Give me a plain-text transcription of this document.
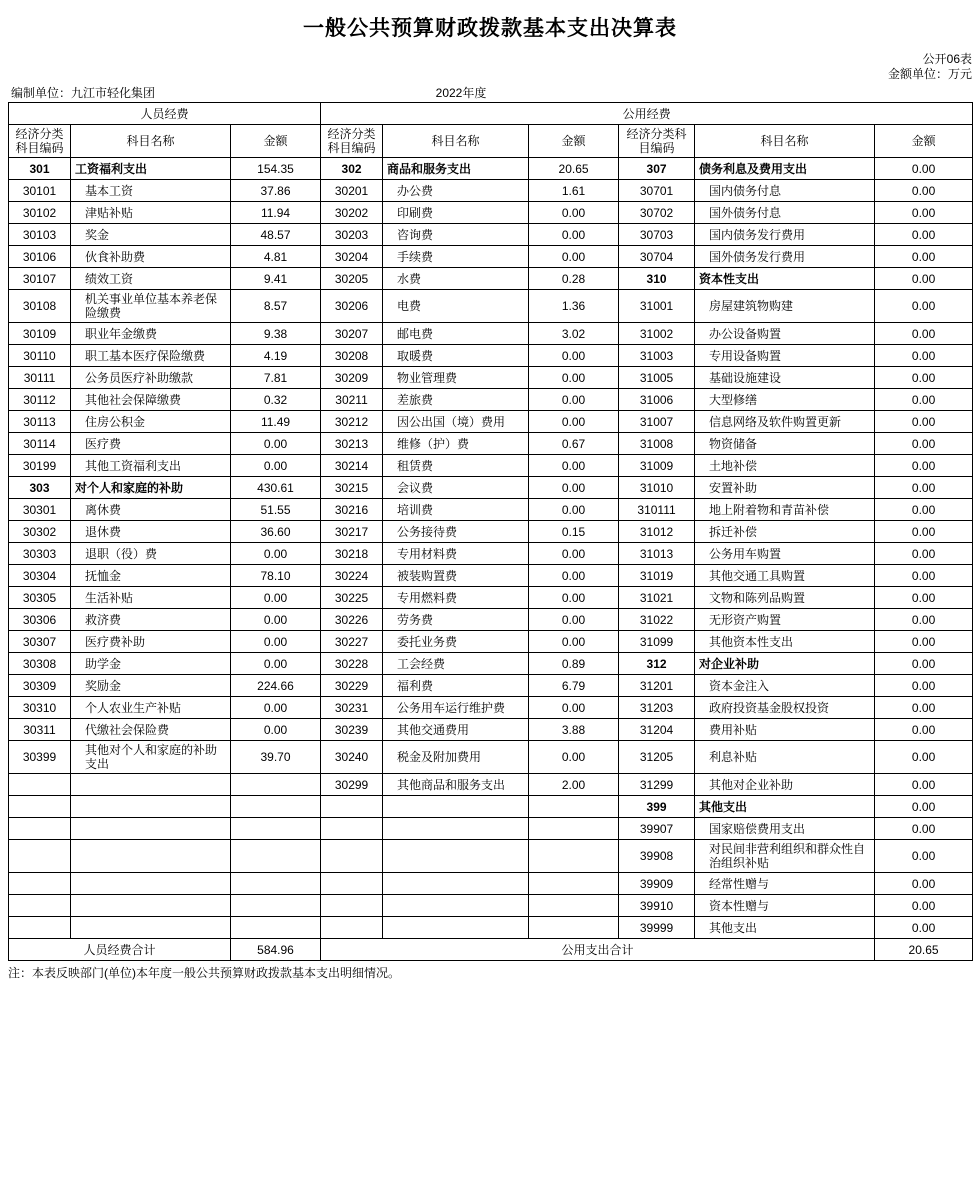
一般公共预算财政拨款基本支出决算表
公开06表
金额单位：万元
编制单位：九江市轻化集团	2022年度	
人员经费			公用经费					
经济分类科目编码	科目名称	金额	经济分类科目编码	科目名称	金额	经济分类科目编码	科目名称	金额
301	工资福利支出	154.35	302	商品和服务支出	20.65	307	债务利息及费用支出	0.00
30101	基本工资	37.86	30201	办公费	1.61	30701	国内债务付息	0.00
30102	津贴补贴	11.94	30202	印刷费	0.00	30702	国外债务付息	0.00
30103	奖金	48.57	30203	咨询费	0.00	30703	国内债务发行费用	0.00
30106	伙食补助费	4.81	30204	手续费	0.00	30704	国外债务发行费用	0.00
30107	绩效工资	9.41	30205	水费	0.28	310	资本性支出	0.00
30108	机关事业单位基本养老保险缴费	8.57	30206	电费	1.36	31001	房屋建筑物购建	0.00
30109	职业年金缴费	9.38	30207	邮电费	3.02	31002	办公设备购置	0.00
30110	职工基本医疗保险缴费	4.19	30208	取暖费	0.00	31003	专用设备购置	0.00
30111	公务员医疗补助缴款	7.81	30209	物业管理费	0.00	31005	基础设施建设	0.00
30112	其他社会保障缴费	0.32	30211	差旅费	0.00	31006	大型修缮	0.00
30113	住房公积金	11.49	30212	因公出国（境）费用	0.00	31007	信息网络及软件购置更新	0.00
30114	医疗费	0.00	30213	维修（护）费	0.67	31008	物资储备	0.00
30199	其他工资福利支出	0.00	30214	租赁费	0.00	31009	土地补偿	0.00
303	对个人和家庭的补助	430.61	30215	会议费	0.00	31010	安置补助	0.00
30301	离休费	51.55	30216	培训费	0.00	310111	地上附着物和青苗补偿	0.00
30302	退休费	36.60	30217	公务接待费	0.15	31012	拆迁补偿	0.00
30303	退职（役）费	0.00	30218	专用材料费	0.00	31013	公务用车购置	0.00
30304	抚恤金	78.10	30224	被装购置费	0.00	31019	其他交通工具购置	0.00
30305	生活补贴	0.00	30225	专用燃料费	0.00	31021	文物和陈列品购置	0.00
30306	救济费	0.00	30226	劳务费	0.00	31022	无形资产购置	0.00
30307	医疗费补助	0.00	30227	委托业务费	0.00	31099	其他资本性支出	0.00
30308	助学金	0.00	30228	工会经费	0.89	312	对企业补助	0.00
30309	奖励金	224.66	30229	福利费	6.79	31201	资本金注入	0.00
30310	个人农业生产补贴	0.00	30231	公务用车运行维护费	0.00	31203	政府投资基金股权投资	0.00
30311	代缴社会保险费	0.00	30239	其他交通费用	3.88	31204	费用补贴	0.00
30399	其他对个人和家庭的补助支出	39.70	30240	税金及附加费用	0.00	31205	利息补贴	0.00
			30299	其他商品和服务支出	2.00	31299	其他对企业补助	0.00
						399	其他支出	0.00
						39907	国家赔偿费用支出	0.00
						39908	对民间非营利组织和群众性自治组织补贴	0.00
						39909	经常性赠与	0.00
						39910	资本性赠与	0.00
						39999	其他支出	0.00
人员经费合计		584.96	公用支出合计					20.65
注：本表反映部门(单位)本年度一般公共预算财政拨款基本支出明细情况。
